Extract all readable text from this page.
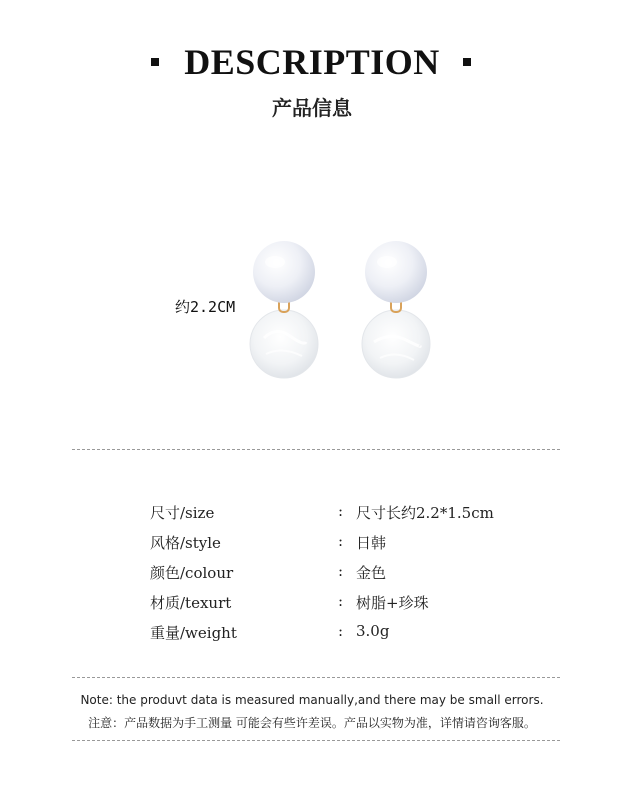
DESCRIPTION
产品信息
约2.2CM
尺寸/size	: 尺寸长约2.2*1.5cm
风格/style	: 日韩
颜色/colour	: 金色
材质/texurt	: 树脂+珍珠
重量/weight	: 3.0g
Note: the produvt data is measured manually,and there may be small errors.
注意：产品数据为手工测量 可能会有些许差误。产品以实物为准，详情请咨询客服。
